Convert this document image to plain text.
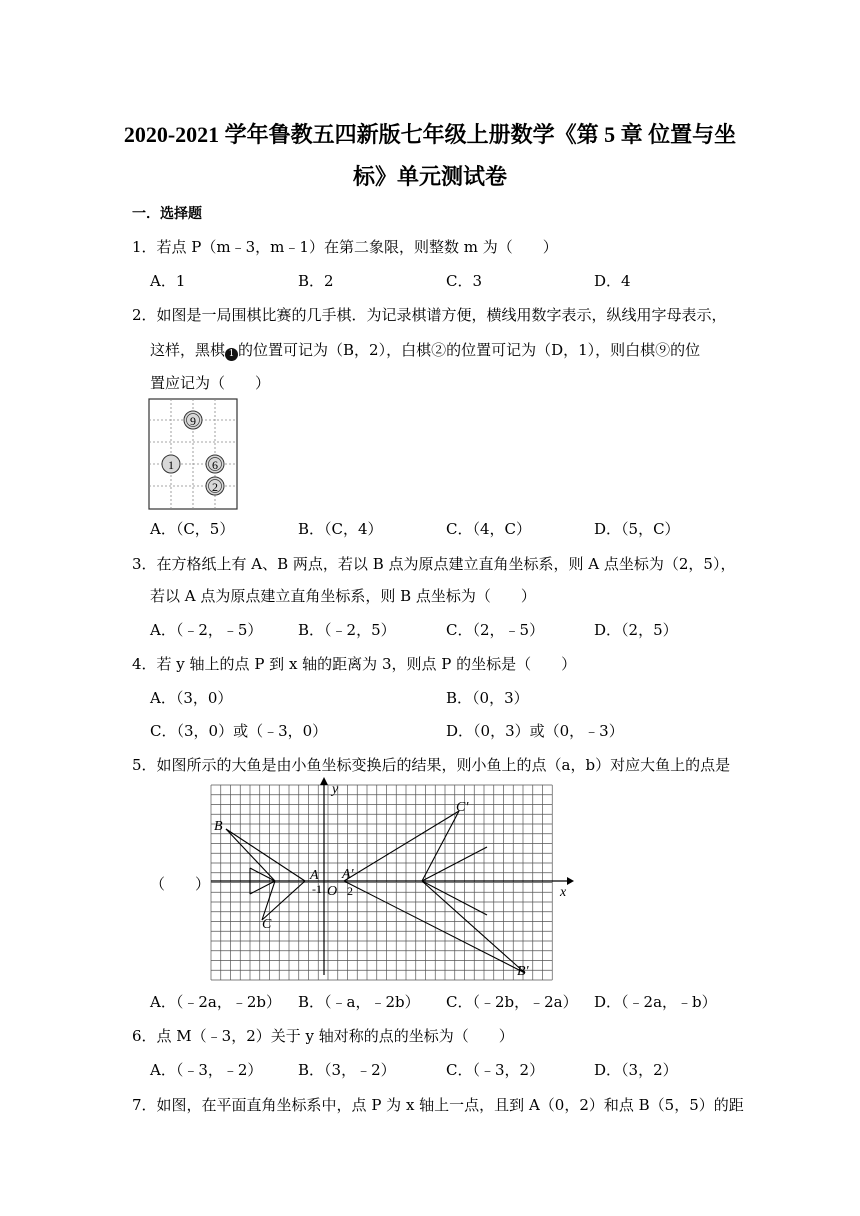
2020-2021 学年鲁教五四新版七年级上册数学《第 5 章 位置与坐
标》单元测试卷
一．选择题
1．若点 P（m﹣3，m﹣1）在第二象限，则整数 m 为（　　）
A．1	B．2	C．3	D．4
2．如图是一局围棋比赛的几手棋．为记录棋谱方便，横线用数字表示，纵线用字母表示，
这样，黑棋 1 的位置可记为（B，2），白棋②的位置可记为（D，1），则白棋⑨的位
置应记为（　　）
9
1	6
2
A．（C，5）	B．（C，4）	C．（4，C）	D．（5，C）
3．在方格纸上有 A、B 两点，若以 B 点为原点建立直角坐标系，则 A 点坐标为（2，5），
若以 A 点为原点建立直角坐标系，则 B 点坐标为（　　）
A．（﹣2，﹣5） B．（﹣2，5）	C．（2，﹣5）	D．（2，5）
4．若 y 轴上的点 P 到 x 轴的距离为 3，则点 P 的坐标是（　　）
A．（3，0）	B．（0，3）
C．（3，0）或（﹣3，0）	D．（0，3）或（0，﹣3）
5．如图所示的大鱼是由小鱼坐标变换后的结果，则小鱼上的点（a，b）对应大鱼上的点是
（　　）
y
x
B
A
C
-1 O 2
A'
C'
B'
A．（﹣2a，﹣2b） B．（﹣a，﹣2b） C．（﹣2b，﹣2a） D．（﹣2a，﹣b）
6．点 M（﹣3，2）关于 y 轴对称的点的坐标为（　　）
A．（﹣3，﹣2） B．（3，﹣2）	C．（﹣3，2）	D．（3，2）
7．如图，在平面直角坐标系中，点 P 为 x 轴上一点，且到 A（0，2）和点 B（5，5）的距
